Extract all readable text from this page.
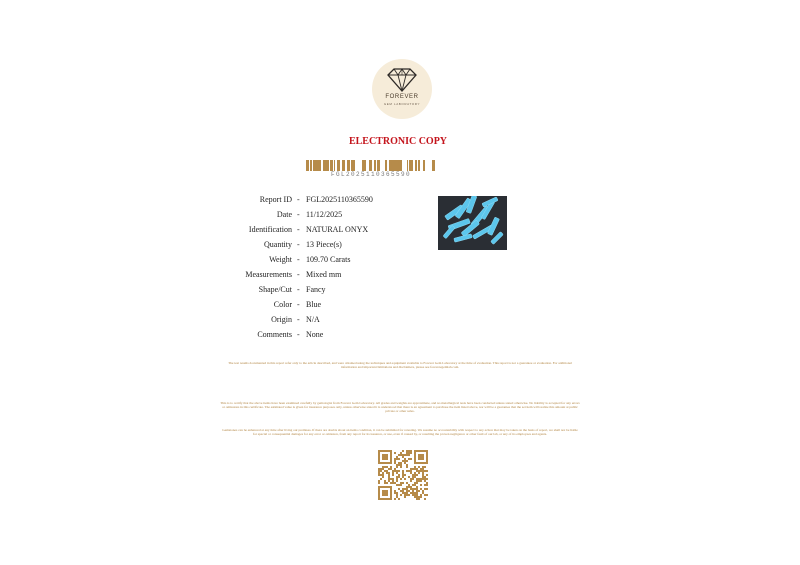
FOREVER
GEM LABORATORY
ELECTRONIC COPY
FGL2025110365590
Report ID - FGL2025110365590
Date - 11/12/2025
Identification - NATURAL ONYX
Quantity - 13 Piece(s)
Weight - 109.70 Carats
Measurements - Mixed mm
Shape/Cut - Fancy
Color - Blue
Origin - N/A
Comments - None
The test results documented in this report refer only to the article described, and were obtained using the techniques and equipment available to Forever Gem Laboratory at the time of evaluation. This report is not a guarantee or evaluation. For additional information and important limitations and disclaimers, please see foreveregemlab.com.
This is to certify that the above items have been examined carefully by gemologist from Forever Gem Laboratory. All grades and weights are approximate, and no metallurgical tests have been conducted unless stated otherwise. No liability is accepted for any errors or omissions in this certificate. The estimated value is given for insurance purposes only, unless otherwise stated it is understood that there is an agreement to purchase the item listed above, nor will be a guarantee that the set item will realize this amount at public private or other sales.
Gemstones can be enhanced at any time after living our premises. If there are doubts about an items condition, it can be submitted for retesting. We assume no accountability with respect to any action that may be taken on the basis of report, we shall not be liable for special or consequential damages for any error or omission, from any report for its issuance, or use, even if caused by, or resulting the proven negligence or other fault of our lab, or any of its employees and agents.
